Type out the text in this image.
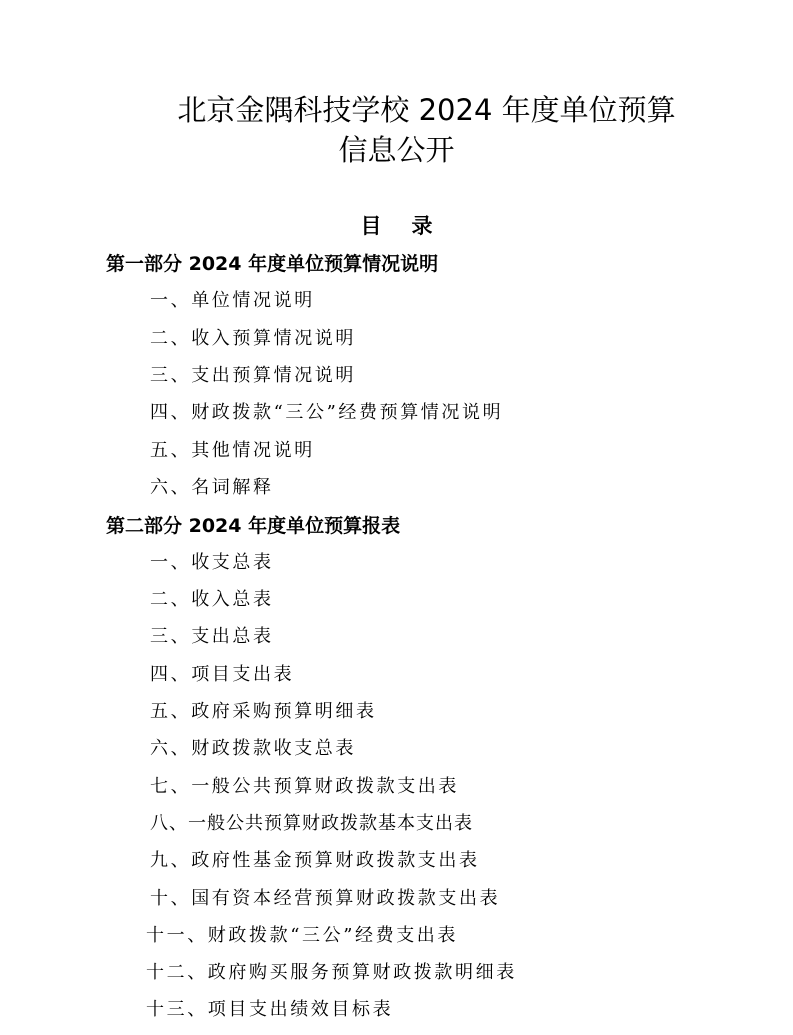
北京金隅科技学校 2024 年度单位预算
信息公开
目录
第一部分 2024 年度单位预算情况说明
一、单位情况说明
二、收入预算情况说明
三、支出预算情况说明
四、财政拨款“三公”经费预算情况说明
五、其他情况说明
六、名词解释
第二部分 2024 年度单位预算报表
一、收支总表
二、收入总表
三、支出总表
四、项目支出表
五、政府采购预算明细表
六、财政拨款收支总表
七、一般公共预算财政拨款支出表
八、一般公共预算财政拨款基本支出表
九、政府性基金预算财政拨款支出表
十、国有资本经营预算财政拨款支出表
十一、财政拨款“三公”经费支出表
十二、政府购买服务预算财政拨款明细表
十三、项目支出绩效目标表
